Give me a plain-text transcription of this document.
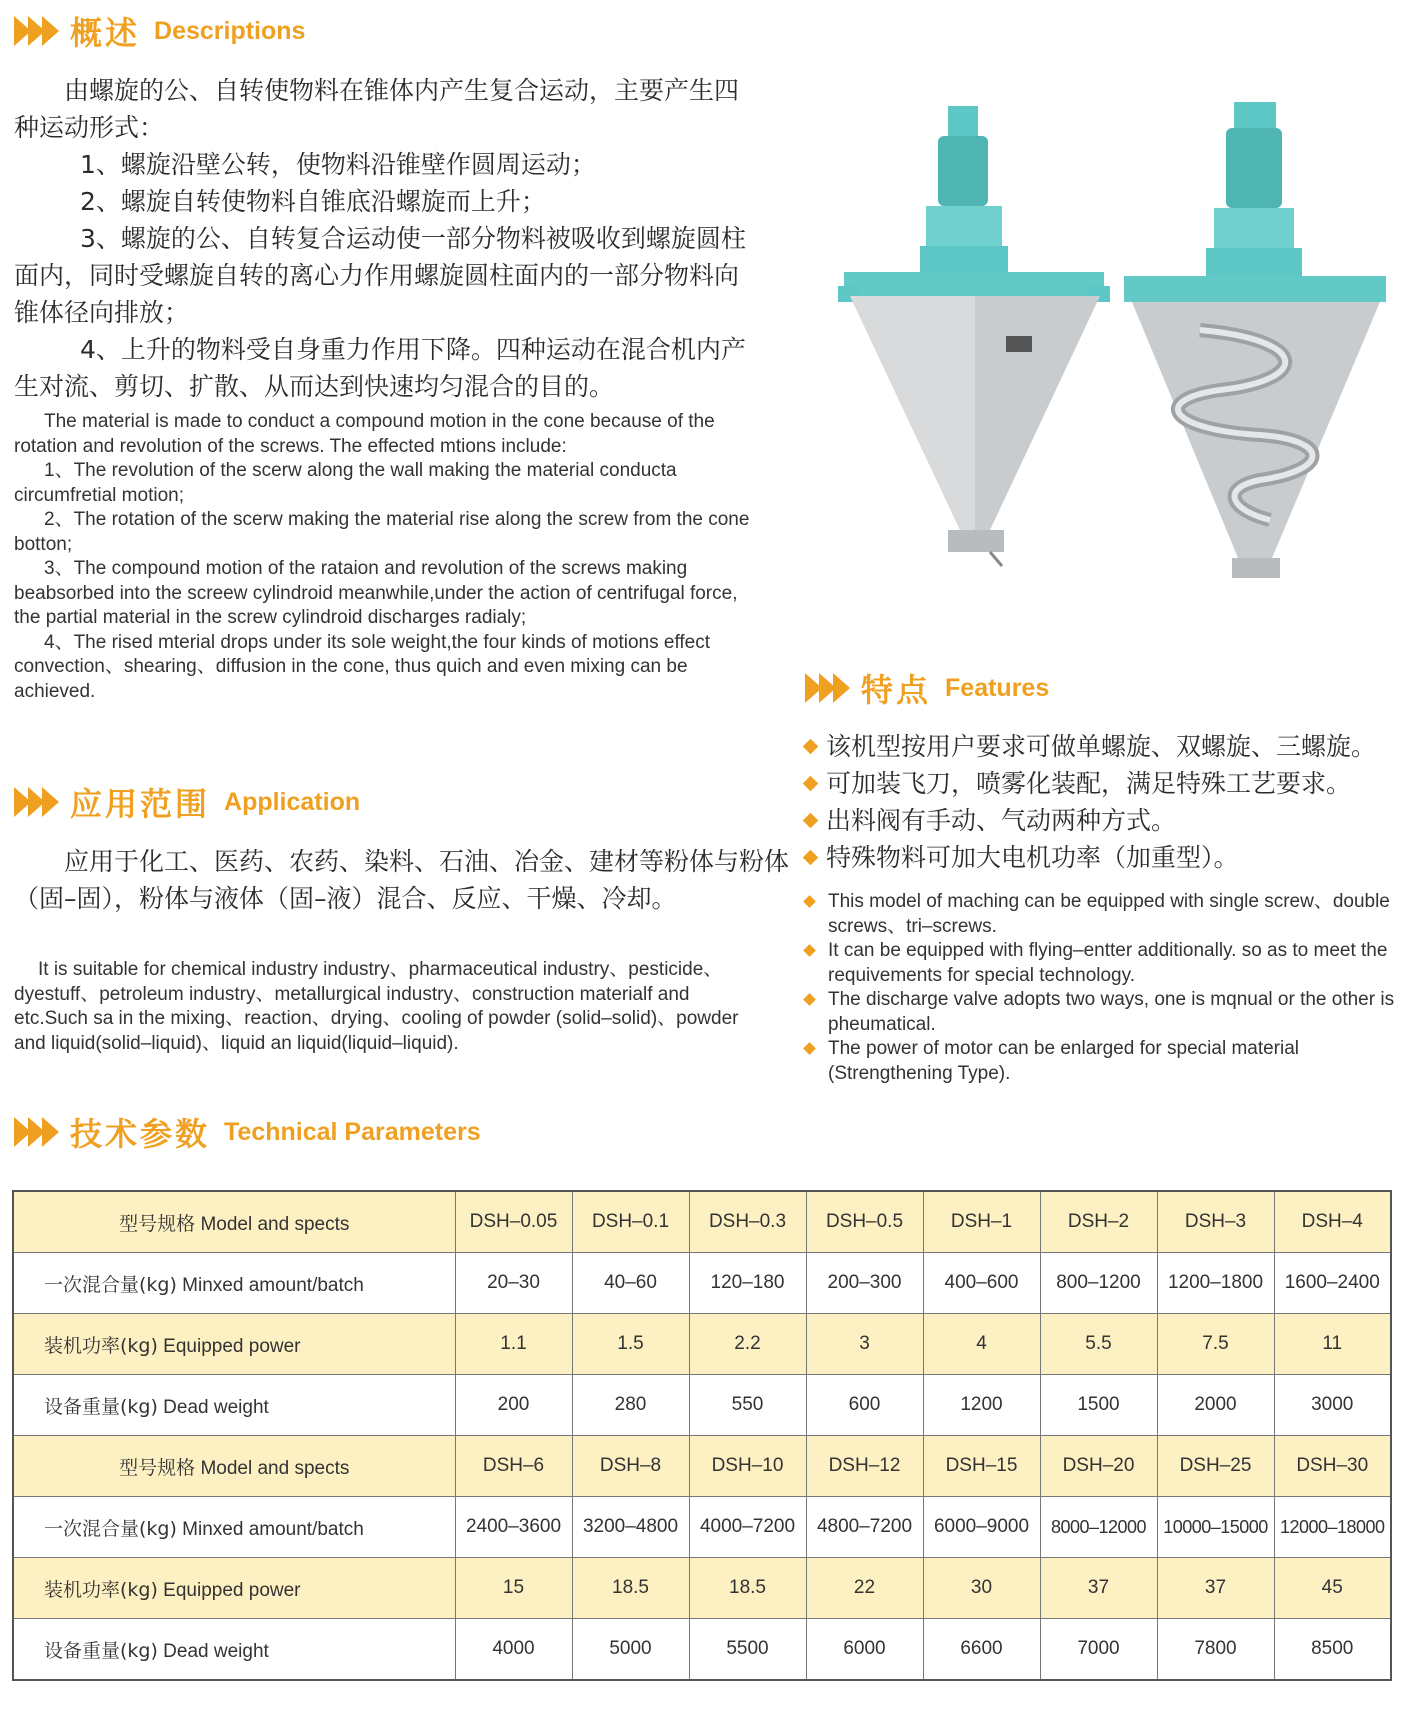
概述 Descriptions

由螺旋的公、自转使物料在锥体内产生复合运动，主要产生四种运动形式：

1、螺旋沿壁公转，使物料沿锥壁作圆周运动；

2、螺旋自转使物料自锥底沿螺旋而上升；

3、螺旋的公、自转复合运动使一部分物料被吸收到螺旋圆柱面内，同时受螺旋自转的离心力作用螺旋圆柱面内的一部分物料向锥体径向排放；

4、上升的物料受自身重力作用下降。四种运动在混合机内产生对流、剪切、扩散、从而达到快速均匀混合的目的。

The material is made to conduct a compound motion in the cone because of the rotation and revolution of the screws. The effected mtions include:

1、The revolution of the scerw along the wall making the material conducta circumfretial motion;

2、The rotation of the scerw making the material rise along the screw from the cone botton;

3、The compound motion of the rataion and revolution of the screws making beabsorbed into the screew cylindroid meanwhile,under the action of centrifugal force, the partial material in the screw cylindroid discharges radialy;

4、The rised mterial drops under its sole weight,the four kinds of motions effect convection、shearing、diffusion in the cone, thus quich and even mixing can be achieved.	特点 Features
该机型按用户要求可做单螺旋、双螺旋、三螺旋。
可加装飞刀，喷雾化装配，满足特殊工艺要求。
出料阀有手动、气动两种方式。
特殊物料可加大电机功率（加重型）。
This model of maching can be equipped with single screw、double screws、tri–screws.
It can be equipped with flying–entter additionally. so as to meet the requivements for special technology.
The discharge valve adopts two ways, one is mqnual or the other is pheumatical.
The power of motor can be enlarged for special material (Strengthening Type).
应用范围 Application

应用于化工、医药、农药、染料、石油、冶金、建材等粉体与粉体（固–固），粉体与液体（固–液）混合、反应、干燥、冷却。

It is suitable for chemical industry industry、pharmaceutical industry、pesticide、dyestuff、petroleum industry、metallurgical industry、construction materialf and etc.Such sa in the mixing、reaction、drying、cooling of powder (solid–solid)、powder and liquid(solid–liquid)、liquid an liquid(liquid–liquid).

技术参数 Technical Parameters
型号规格 Model and spects	DSH–0.05	DSH–0.1	DSH–0.3	DSH–0.5	DSH–1	DSH–2	DSH–3	DSH–4
一次混合量(kg) Minxed amount/batch	20–30	40–60	120–180	200–300	400–600	800–1200	1200–1800	1600–2400
装机功率(kg) Equipped power	1.1	1.5	2.2	3	4	5.5	7.5	11
设备重量(kg) Dead weight	200	280	550	600	1200	1500	2000	3000
型号规格 Model and spects	DSH–6	DSH–8	DSH–10	DSH–12	DSH–15	DSH–20	DSH–25	DSH–30
一次混合量(kg) Minxed amount/batch	2400–3600	3200–4800	4000–7200	4800–7200	6000–9000	8000–12000	10000–15000	12000–18000
装机功率(kg) Equipped power	15	18.5	18.5	22	30	37	37	45
设备重量(kg) Dead weight	4000	5000	5500	6000	6600	7000	7800	8500
